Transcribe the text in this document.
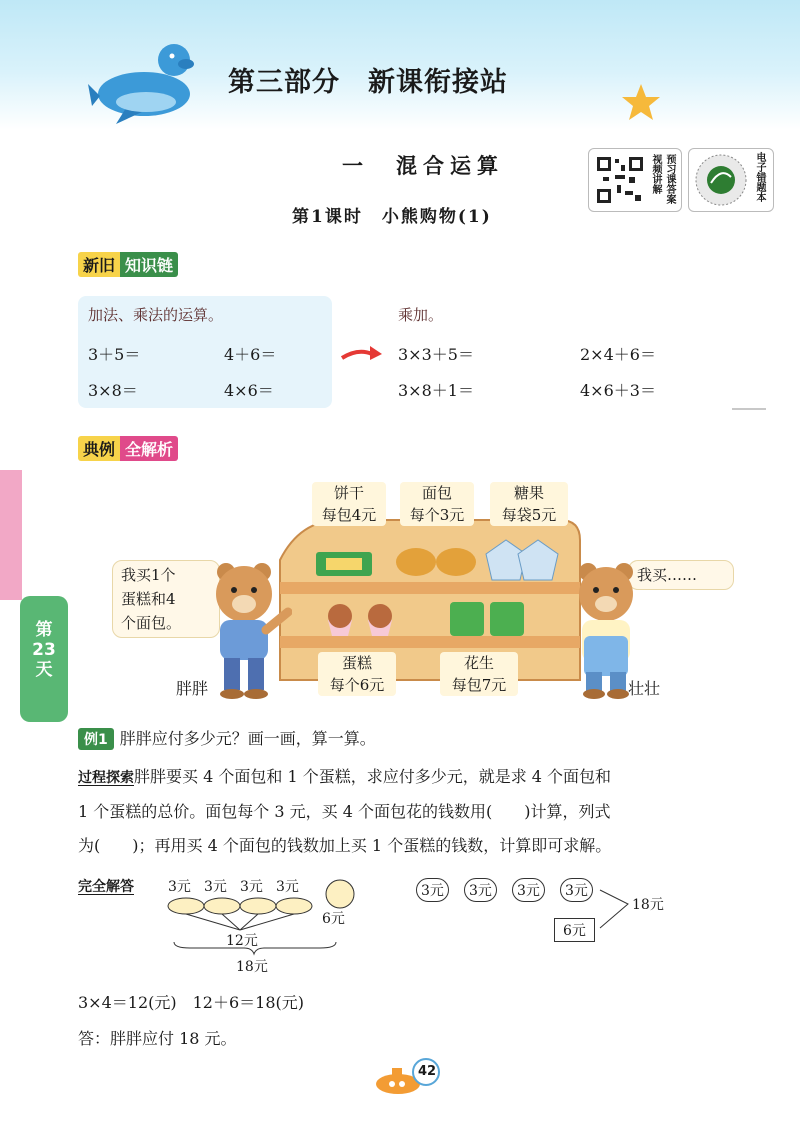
第三部分　新课衔接站
一　混合运算
第1课时　小熊购物(1)
视频讲解 预习课答案	电子错题本
新旧 知识链
加法、乘法的运算。
3＋5＝	4＋6＝
3×8＝	4×6＝
乘加。
3×3＋5＝	2×4＋6＝
3×8＋1＝	4×6＋3＝
典例 全解析
第
23
天
饼干
每包4元
面包
每个3元
糖果
每袋5元
蛋糕
每个6元
花生
每包7元
我买1个
蛋糕和4
个面包。
我买……
胖胖	壮壮
例1 胖胖应付多少元？画一画，算一算。
过程探索胖胖要买 4 个面包和 1 个蛋糕，求应付多少元，就是求 4 个面包和
1 个蛋糕的总价。面包每个 3 元，买 4 个面包花的钱数用(　　)计算，列式
为(　　)；再用买 4 个面包的钱数加上买 1 个蛋糕的钱数，计算即可求解。
完全解答 3元 3元 3元 3元
6元
12元
18元
3元	3元	3元	3元
6元
18元
3×4＝12(元)　12＋6＝18(元)
答：胖胖应付 18 元。
42
